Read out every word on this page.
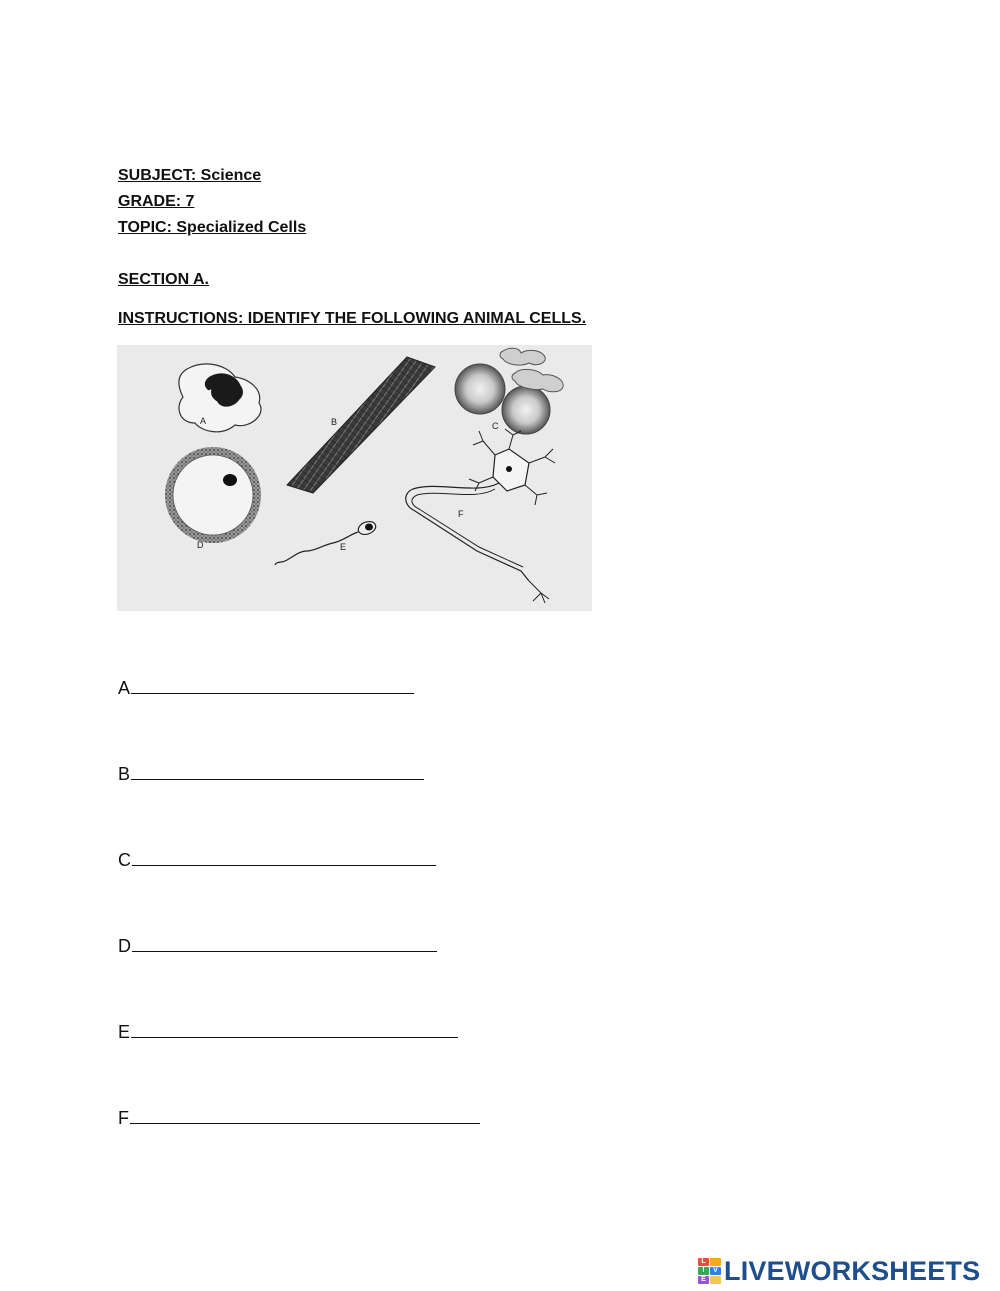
SUBJECT: Science
GRADE: 7
TOPIC: Specialized Cells
SECTION A.
INSTRUCTIONS: IDENTIFY THE FOLLOWING ANIMAL CELLS.
A	B	C
D	E
F
A
B
C
D
E
F
L
I	V
E LIVEWORKSHEETS
